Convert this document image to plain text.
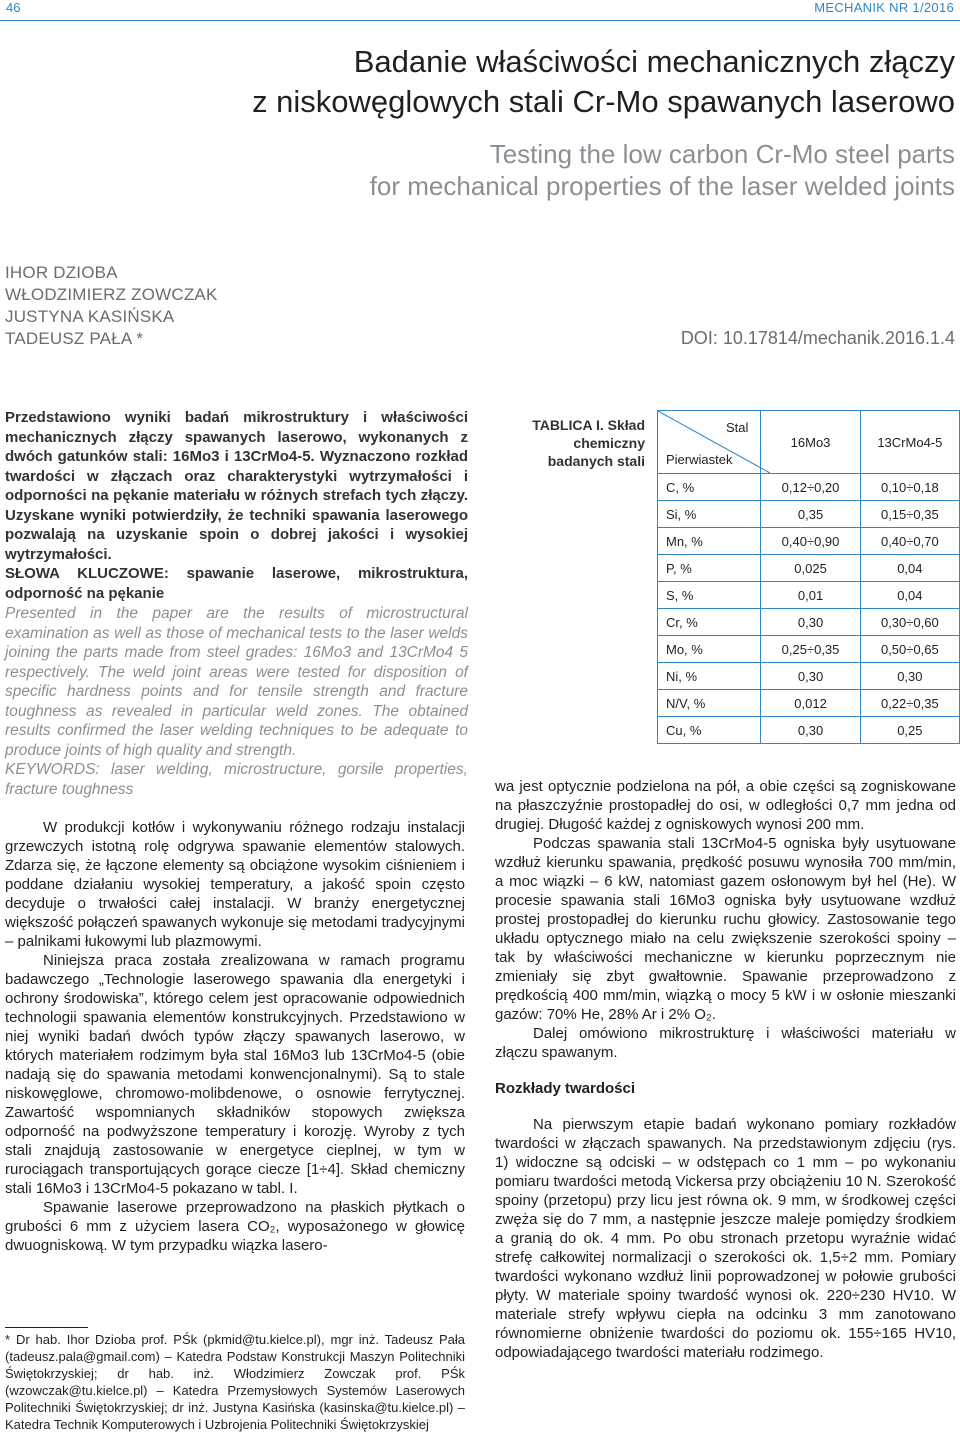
46	MECHANIK NR 1/2016
Badanie właściwości mechanicznych złączy
z niskowęglowych stali Cr-Mo spawanych laserowo
Testing the low carbon Cr-Mo steel parts
for mechanical properties of the laser welded joints
IHOR DZIOBA
WŁODZIMIERZ ZOWCZAK
JUSTYNA KASIŃSKA
TADEUSZ PAŁA *	DOI: 10.17814/mechanik.2016.1.4
Przedstawiono wyniki badań mikrostruktury i właściwości mechanicznych złączy spawanych laserowo, wykonanych z dwóch gatunków stali: 16Mo3 i 13CrMo4-5. Wyznaczono rozkład twardości w złączach oraz charakterystyki wytrzymałości i odporności na pękanie materiału w różnych strefach tych złączy. Uzyskane wyniki potwierdziły, że techniki spawania laserowego pozwalają na uzyskanie spoin o dobrej jakości i wysokiej wytrzymałości.
SŁOWA KLUCZOWE: spawanie laserowe, mikrostruktura, odporność na pękanie
Presented in the paper are the results of microstructural examination as well as those of mechanical tests to the laser welds joining the parts made from steel grades: 16Mo3 and 13CrMo4 5 respectively. The weld joint areas were tested for disposition of specific hardness points and for tensile strength and fracture toughness as revealed in particular weld zones. The obtained results confirmed the laser welding techniques to be adequate to produce joints of high quality and strength.
KEYWORDS: laser welding, microstructure, gorsile properties, fracture toughness
TABLICA I. Skład chemiczny badanych stali
Stal
Pierwiastek	16Mo3	13CrMo4-5
C, %	0,12÷0,20	0,10÷0,18
Si, %	0,35	0,15÷0,35
Mn, %	0,40÷0,90	0,40÷0,70
P, %	0,025	0,04
S, %	0,01	0,04
Cr, %	0,30	0,30÷0,60
Mo, %	0,25÷0,35	0,50÷0,65
Ni, %	0,30	0,30
N/V, %	0,012	0,22÷0,35
Cu, %	0,30	0,25

W produkcji kotłów i wykonywaniu różnego rodzaju instalacji grzewczych istotną rolę odgrywa spawanie elementów stalowych. Zdarza się, że łączone elementy są obciążone wysokim ciśnieniem i poddane działaniu wysokiej temperatury, a jakość spoin często decyduje o trwałości całej instalacji. W branży energetycznej większość połączeń spawanych wykonuje się metodami tradycyjnymi – palnikami łukowymi lub plazmowymi.

Niniejsza praca została zrealizowana w ramach programu badawczego „Technologie laserowego spawania dla energetyki i ochrony środowiska”, którego celem jest opracowanie odpowiednich technologii spawania elementów konstrukcyjnych. Przedstawiono w niej wyniki badań dwóch typów złączy spawanych laserowo, w których materiałem rodzimym była stal 16Mo3 lub 13CrMo4-5 (obie nadają się do spawania metodami konwencjonalnymi). Są to stale niskowęglowe, chromowo-molibdenowe, o osnowie ferrytycznej. Zawartość wspomnianych składników stopowych zwiększa odporność na podwyższone temperatury i korozję. Wyroby z tych stali znajdują zastosowanie w energetyce cieplnej, w tym w rurociągach transportujących gorące ciecze [1÷4]. Skład chemiczny stali 16Mo3 i 13CrMo4-5 pokazano w tabl. I.

Spawanie laserowe przeprowadzono na płaskich płytkach o grubości 6 mm z użyciem lasera CO₂, wyposażonego w głowicę dwuogniskową. W tym przypadku wiązka lasero-

* Dr hab. Ihor Dzioba prof. PŚk (pkmid@tu.kielce.pl), mgr inż. Tadeusz Pała (tadeusz.pala@gmail.com) – Katedra Podstaw Konstrukcji Maszyn Politechniki Świętokrzyskiej; dr hab. inż. Włodzimierz Zowczak prof. PŚk (wzowczak@tu.kielce.pl) – Katedra Przemysłowych Systemów Laserowych Politechniki Świętokrzyskiej; dr inż. Justyna Kasińska (kasinska@tu.kielce.pl) – Katedra Technik Komputerowych i Uzbrojenia Politechniki Świętokrzyskiej

wa jest optycznie podzielona na pół, a obie części są zogniskowane na płaszczyźnie prostopadłej do osi, w odległości 0,7 mm jedna od drugiej. Długość każdej z ogniskowych wynosi 200 mm.

Podczas spawania stali 13CrMo4-5 ogniska były usytuowane wzdłuż kierunku spawania, prędkość posuwu wynosiła 700 mm/min, a moc wiązki – 6 kW, natomiast gazem osłonowym był hel (He). W procesie spawania stali 16Mo3 ogniska były usytuowane wzdłuż prostej prostopadłej do kierunku ruchu głowicy. Zastosowanie tego układu optycznego miało na celu zwiększenie szerokości spoiny – tak by właściwości mechaniczne w kierunku poprzecznym nie zmieniały się zbyt gwałtownie. Spawanie przeprowadzono z prędkością 400 mm/min, wiązką o mocy 5 kW i w osłonie mieszanki gazów: 70% He, 28% Ar i 2% O₂.

Dalej omówiono mikrostrukturę i właściwości materiału w złączu spawanym.

Rozkłady twardości

Na pierwszym etapie badań wykonano pomiary rozkładów twardości w złączach spawanych. Na przedstawionym zdjęciu (rys. 1) widoczne są odciski – w odstępach co 1 mm – po wykonaniu pomiaru twardości metodą Vickersa przy obciążeniu 10 N. Szerokość spoiny (przetopu) przy licu jest równa ok. 9 mm, w środkowej części zwęża się do 7 mm, a następnie jeszcze maleje pomiędzy środkiem a granią do ok. 4 mm. Po obu stronach przetopu wyraźnie widać strefę całkowitej normalizacji o szerokości ok. 1,5÷2 mm. Pomiary twardości wykonano wzdłuż linii poprowadzonej w połowie grubości płyty. W materiale spoiny twardość wynosi ok. 220÷230 HV10. W materiale strefy wpływu ciepła na odcinku 3 mm zanotowano równomierne obniżenie twardości do poziomu ok. 155÷165 HV10, odpowiadającego twardości materiału rodzimego.
